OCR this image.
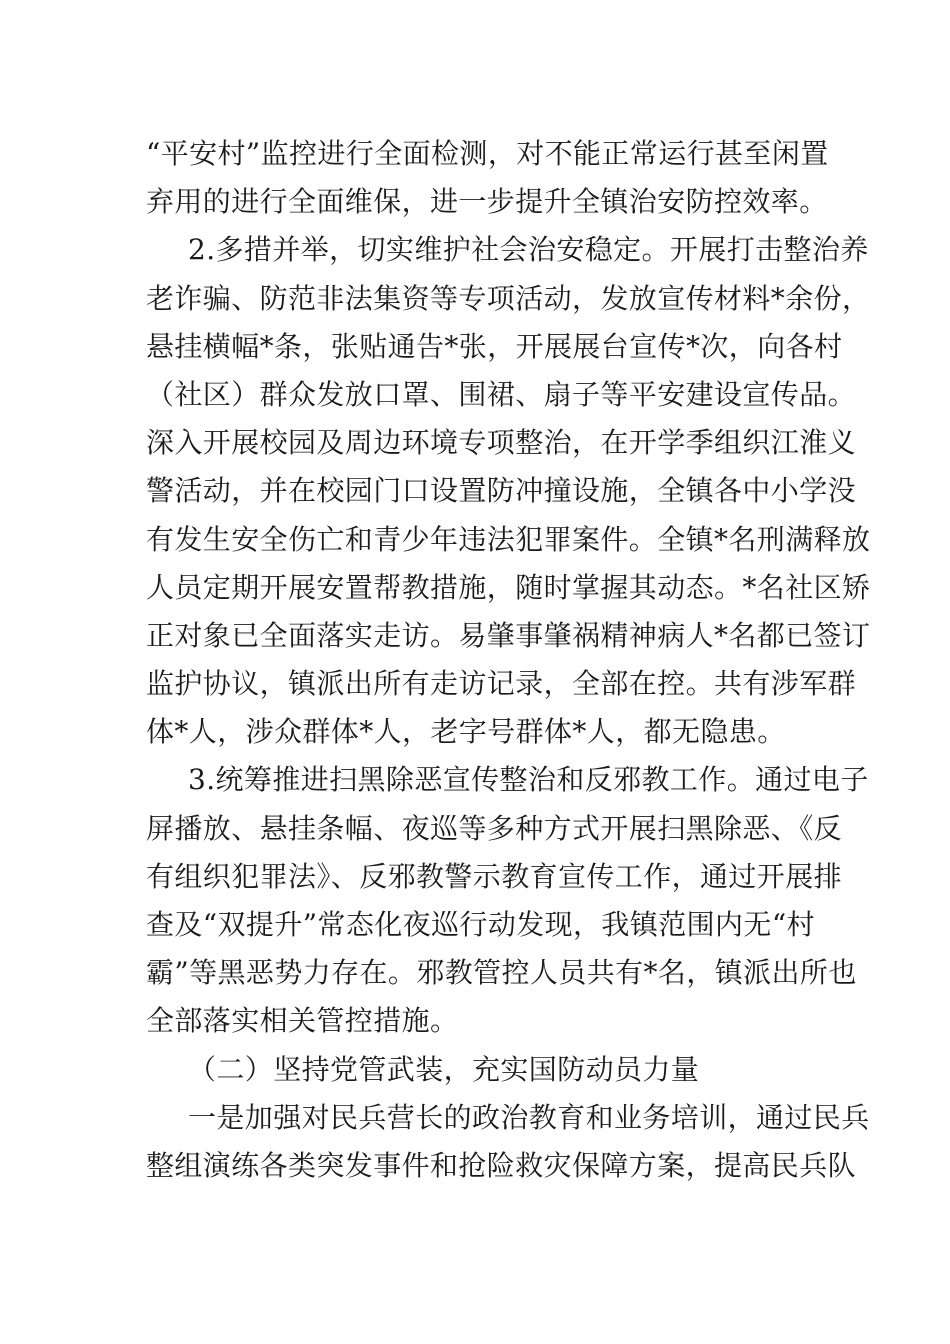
“平安村”监控进行全面检测，对不能正常运行甚至闲置
弃用的进行全面维保，进一步提升全镇治安防控效率。
2.多措并举，切实维护社会治安稳定。开展打击整治养
老诈骗、防范非法集资等专项活动，发放宣传材料*余份，
悬挂横幅*条，张贴通告*张，开展展台宣传*次，向各村
（社区）群众发放口罩、围裙、扇子等平安建设宣传品。
深入开展校园及周边环境专项整治，在开学季组织江淮义
警活动，并在校园门口设置防冲撞设施，全镇各中小学没
有发生安全伤亡和青少年违法犯罪案件。全镇*名刑满释放
人员定期开展安置帮教措施，随时掌握其动态。*名社区矫
正对象已全面落实走访。易肇事肇祸精神病人*名都已签订
监护协议，镇派出所有走访记录，全部在控。共有涉军群
体*人，涉众群体*人，老字号群体*人，都无隐患。
3.统筹推进扫黑除恶宣传整治和反邪教工作。通过电子
屏播放、悬挂条幅、夜巡等多种方式开展扫黑除恶、《反
有组织犯罪法》、反邪教警示教育宣传工作，通过开展排
查及“双提升”常态化夜巡行动发现，我镇范围内无“村
霸”等黑恶势力存在。邪教管控人员共有*名，镇派出所也
全部落实相关管控措施。
（二）坚持党管武装，充实国防动员力量
一是加强对民兵营长的政治教育和业务培训，通过民兵
整组演练各类突发事件和抢险救灾保障方案，提高民兵队
